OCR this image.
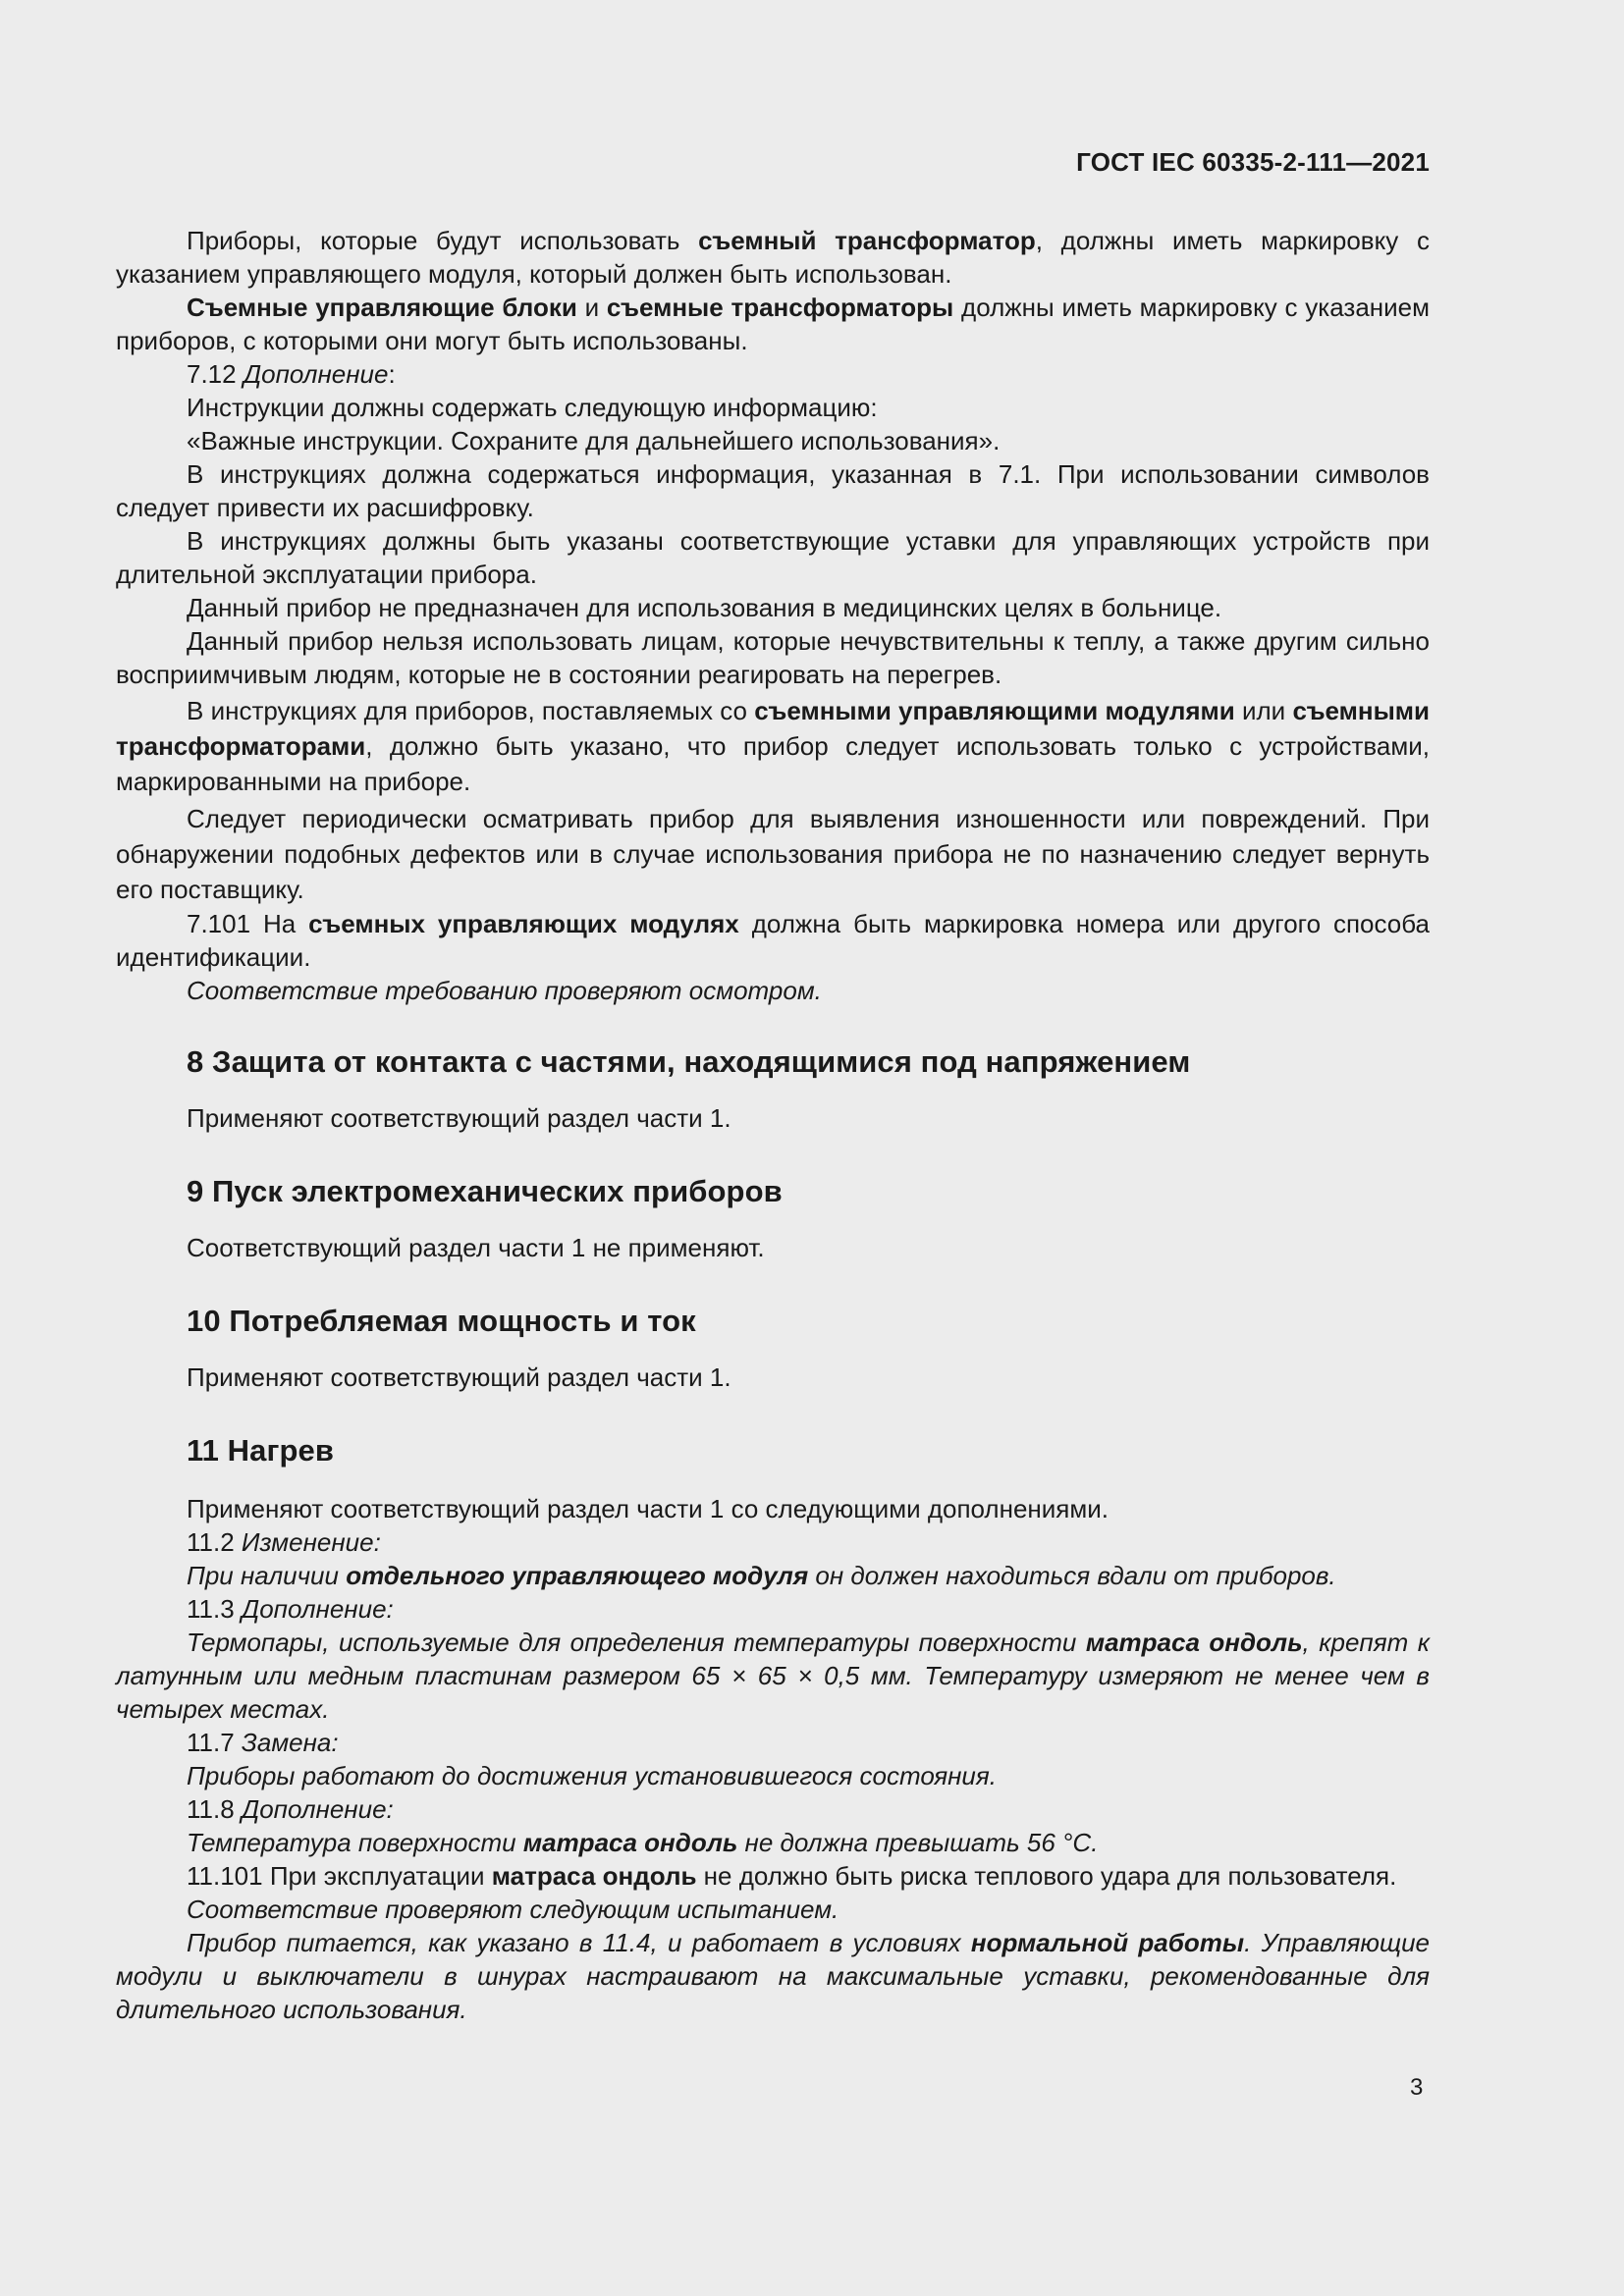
ГОСТ IEC 60335-2-111—2021

Приборы, которые будут использовать съемный трансформатор, должны иметь маркировку с указанием управляющего модуля, который должен быть использован.

Съемные управляющие блоки и съемные трансформаторы должны иметь маркировку с указанием приборов, с которыми они могут быть использованы.

7.12 Дополнение:

Инструкции должны содержать следующую информацию:

«Важные инструкции. Сохраните для дальнейшего использования».

В инструкциях должна содержаться информация, указанная в 7.1. При использовании символов следует привести их расшифровку.

В инструкциях должны быть указаны соответствующие уставки для управляющих устройств при длительной эксплуатации прибора.

Данный прибор не предназначен для использования в медицинских целях в больнице.

Данный прибор нельзя использовать лицам, которые нечувствительны к теплу, а также другим сильно восприимчивым людям, которые не в состоянии реагировать на перегрев.

В инструкциях для приборов, поставляемых со съемными управляющими модулями или съемными трансформаторами, должно быть указано, что прибор следует использовать только с устройствами, маркированными на приборе.

Следует периодически осматривать прибор для выявления изношенности или повреждений. При обнаружении подобных дефектов или в случае использования прибора не по назначению следует вернуть его поставщику.

7.101 На съемных управляющих модулях должна быть маркировка номера или другого способа идентификации.

Соответствие требованию проверяют осмотром.

8 Защита от контакта с частями, находящимися под напряжением

Применяют соответствующий раздел части 1.

9 Пуск электромеханических приборов

Соответствующий раздел части 1 не применяют.

10 Потребляемая мощность и ток

Применяют соответствующий раздел части 1.

11 Нагрев

Применяют соответствующий раздел части 1 со следующими дополнениями.

11.2 Изменение:

При наличии отдельного управляющего модуля он должен находиться вдали от приборов.

11.3 Дополнение:

Термопары, используемые для определения температуры поверхности матраса ондоль, крепят к латунным или медным пластинам размером 65 × 65 × 0,5 мм. Температуру измеряют не менее чем в четырех местах.

11.7 Замена:

Приборы работают до достижения установившегося состояния.

11.8 Дополнение:

Температура поверхности матраса ондоль не должна превышать 56 °С.

11.101 При эксплуатации матраса ондоль не должно быть риска теплового удара для пользователя.

Соответствие проверяют следующим испытанием.

Прибор питается, как указано в 11.4, и работает в условиях нормальной работы. Управляющие модули и выключатели в шнурах настраивают на максимальные уставки, рекомендованные для длительного использования.

3
